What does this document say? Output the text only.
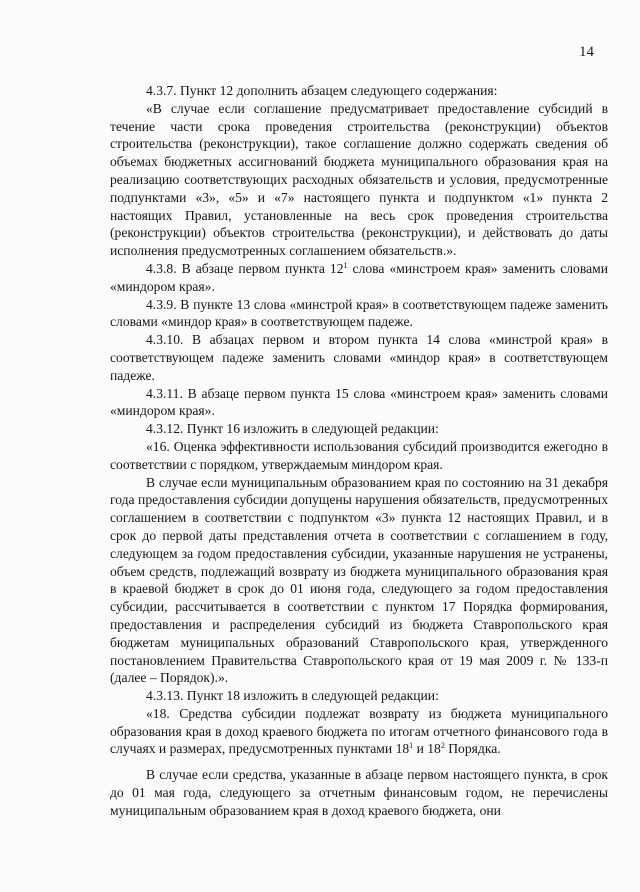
14

4.3.7. Пункт 12 дополнить абзацем следующего содержания:

«В случае если соглашение предусматривает предоставление субсидий в течение части срока проведения строительства (реконструкции) объектов строительства (реконструкции), такое соглашение должно содержать сведения об объемах бюджетных ассигнований бюджета муниципального образования края на реализацию соответствующих расходных обязательств и условия, предусмотренные подпунктами «3», «5» и «7» настоящего пункта и подпунктом «1» пункта 2 настоящих Правил, установленные на весь срок проведения строительства (реконструкции) объектов строительства (реконструкции), и действовать до даты исполнения предусмотренных соглашением обязательств.».

4.3.8. В абзаце первом пункта $12^1$ слова «минстроем края» заменить словами «миндором края».

4.3.9. В пункте 13 слова «минстрой края» в соответствующем падеже заменить словами «миндор края» в соответствующем падеже.

4.3.10. В абзацах первом и втором пункта 14 слова «минстрой края» в соответствующем падеже заменить словами «миндор края» в соответствующем падеже.

4.3.11. В абзаце первом пункта 15 слова «минстроем края» заменить словами «миндором края».

4.3.12. Пункт 16 изложить в следующей редакции:

«16. Оценка эффективности использования субсидий производится ежегодно в соответствии с порядком, утверждаемым миндором края.

В случае если муниципальным образованием края по состоянию на 31 декабря года предоставления субсидии допущены нарушения обязательств, предусмотренных соглашением в соответствии с подпунктом «3» пункта 12 настоящих Правил, и в срок до первой даты представления отчета в соответствии с соглашением в году, следующем за годом предоставления субсидии, указанные нарушения не устранены, объем средств, подлежащий возврату из бюджета муниципального образования края в краевой бюджет в срок до 01 июня года, следующего за годом предоставления субсидии, рассчитывается в соответствии с пунктом 17 Порядка формирования, предоставления и распределения субсидий из бюджета Ставропольского края бюджетам муниципальных образований Ставропольского края, утвержденного постановлением Правительства Ставропольского края от 19 мая 2009 г. № 133-п (далее – Порядок).».

4.3.13. Пункт 18 изложить в следующей редакции:

«18. Средства субсидии подлежат возврату из бюджета муниципального образования края в доход краевого бюджета по итогам отчетного финансового года в случаях и размерах, предусмотренных пунктами $18^1$ и $18^2$ Порядка.

В случае если средства, указанные в абзаце первом настоящего пункта, в срок до 01 мая года, следующего за отчетным финансовым годом, не перечислены муниципальным образованием края в доход краевого бюджета, они
